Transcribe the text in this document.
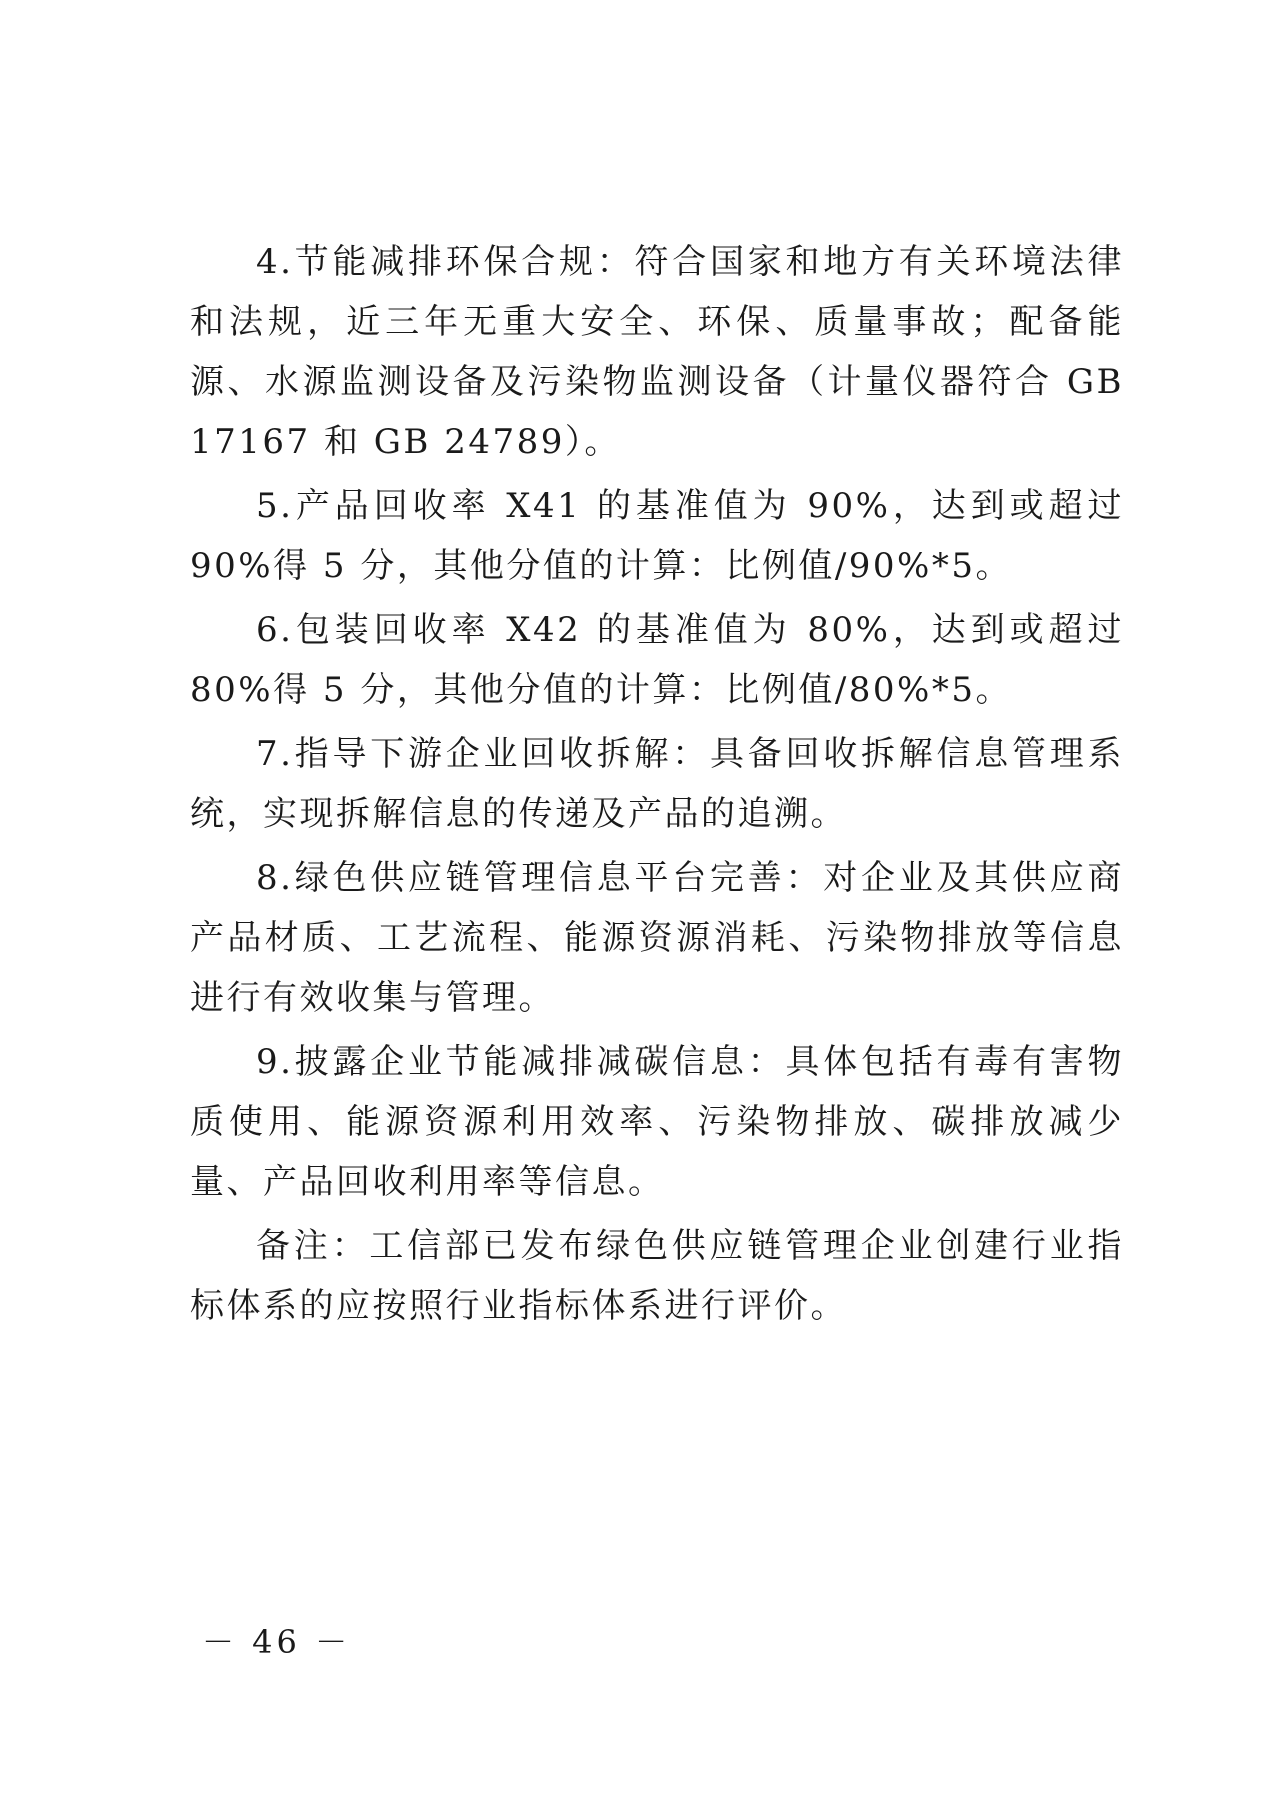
4.节能减排环保合规：符合国家和地方有关环境法律和法规，近三年无重大安全、环保、质量事故；配备能源、水源监测设备及污染物监测设备（计量仪器符合 GB 17167 和 GB 24789）。

5.产品回收率 X41 的基准值为 90%，达到或超过 90%得 5 分，其他分值的计算：比例值/90%*5。

6.包装回收率 X42 的基准值为 80%，达到或超过 80%得 5 分，其他分值的计算：比例值/80%*5。

7.指导下游企业回收拆解：具备回收拆解信息管理系统，实现拆解信息的传递及产品的追溯。

8.绿色供应链管理信息平台完善：对企业及其供应商产品材质、工艺流程、能源资源消耗、污染物排放等信息进行有效收集与管理。

9.披露企业节能减排减碳信息：具体包括有毒有害物质使用、能源资源利用效率、污染物排放、碳排放减少量、产品回收利用率等信息。

备注：工信部已发布绿色供应链管理企业创建行业指标体系的应按照行业指标体系进行评价。

－ 46 －
